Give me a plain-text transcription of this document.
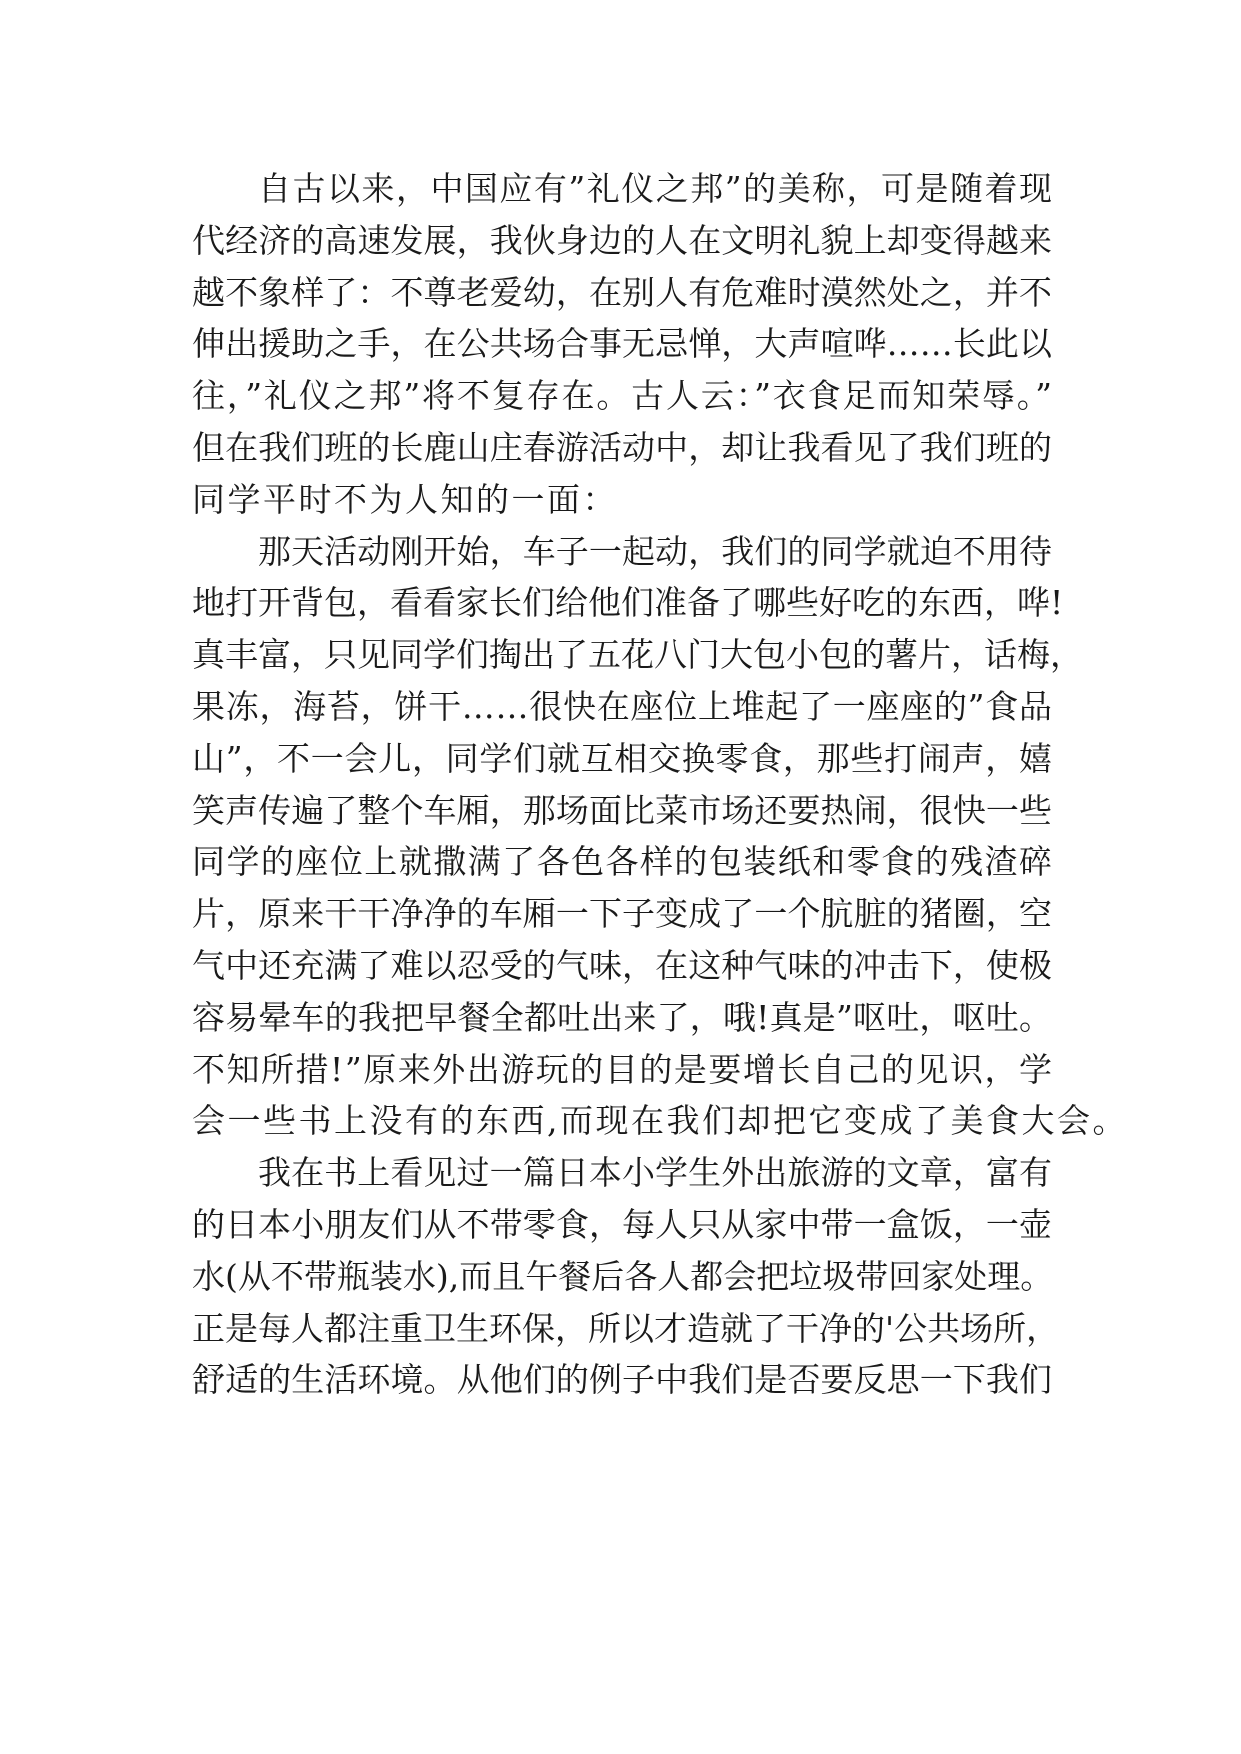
自古以来，中国应有”礼仪之邦”的美称，可是随着现
代经济的高速发展，我伙身边的人在文明礼貌上却变得越来
越不象样了：不尊老爱幼，在别人有危难时漠然处之，并不
伸出援助之手，在公共场合事无忌惮，大声喧哗……长此以
往，”礼仪之邦”将不复存在。古人云：”衣食足而知荣辱。”
但在我们班的长鹿山庄春游活动中，却让我看见了我们班的
同学平时不为人知的一面：
那天活动刚开始，车子一起动，我们的同学就迫不用待
地打开背包，看看家长们给他们准备了哪些好吃的东西，哗!
真丰富，只见同学们掏出了五花八门大包小包的薯片，话梅，
果冻，海苔，饼干……很快在座位上堆起了一座座的”食品
山”，不一会儿，同学们就互相交换零食，那些打闹声，嬉
笑声传遍了整个车厢，那场面比菜市场还要热闹，很快一些
同学的座位上就撒满了各色各样的包装纸和零食的残渣碎
片，原来干干净净的车厢一下子变成了一个肮脏的猪圈，空
气中还充满了难以忍受的气味，在这种气味的冲击下，使极
容易晕车的我把早餐全都吐出来了，哦!真是”呕吐，呕吐。
不知所措!”原来外出游玩的目的是要增长自己的见识，学
会一些书上没有的东西,而现在我们却把它变成了美食大会。
我在书上看见过一篇日本小学生外出旅游的文章，富有
的日本小朋友们从不带零食，每人只从家中带一盒饭，一壶
水(从不带瓶装水),而且午餐后各人都会把垃圾带回家处理。
正是每人都注重卫生环保，所以才造就了干净的'公共场所，
舒适的生活环境。从他们的例子中我们是否要反思一下我们
